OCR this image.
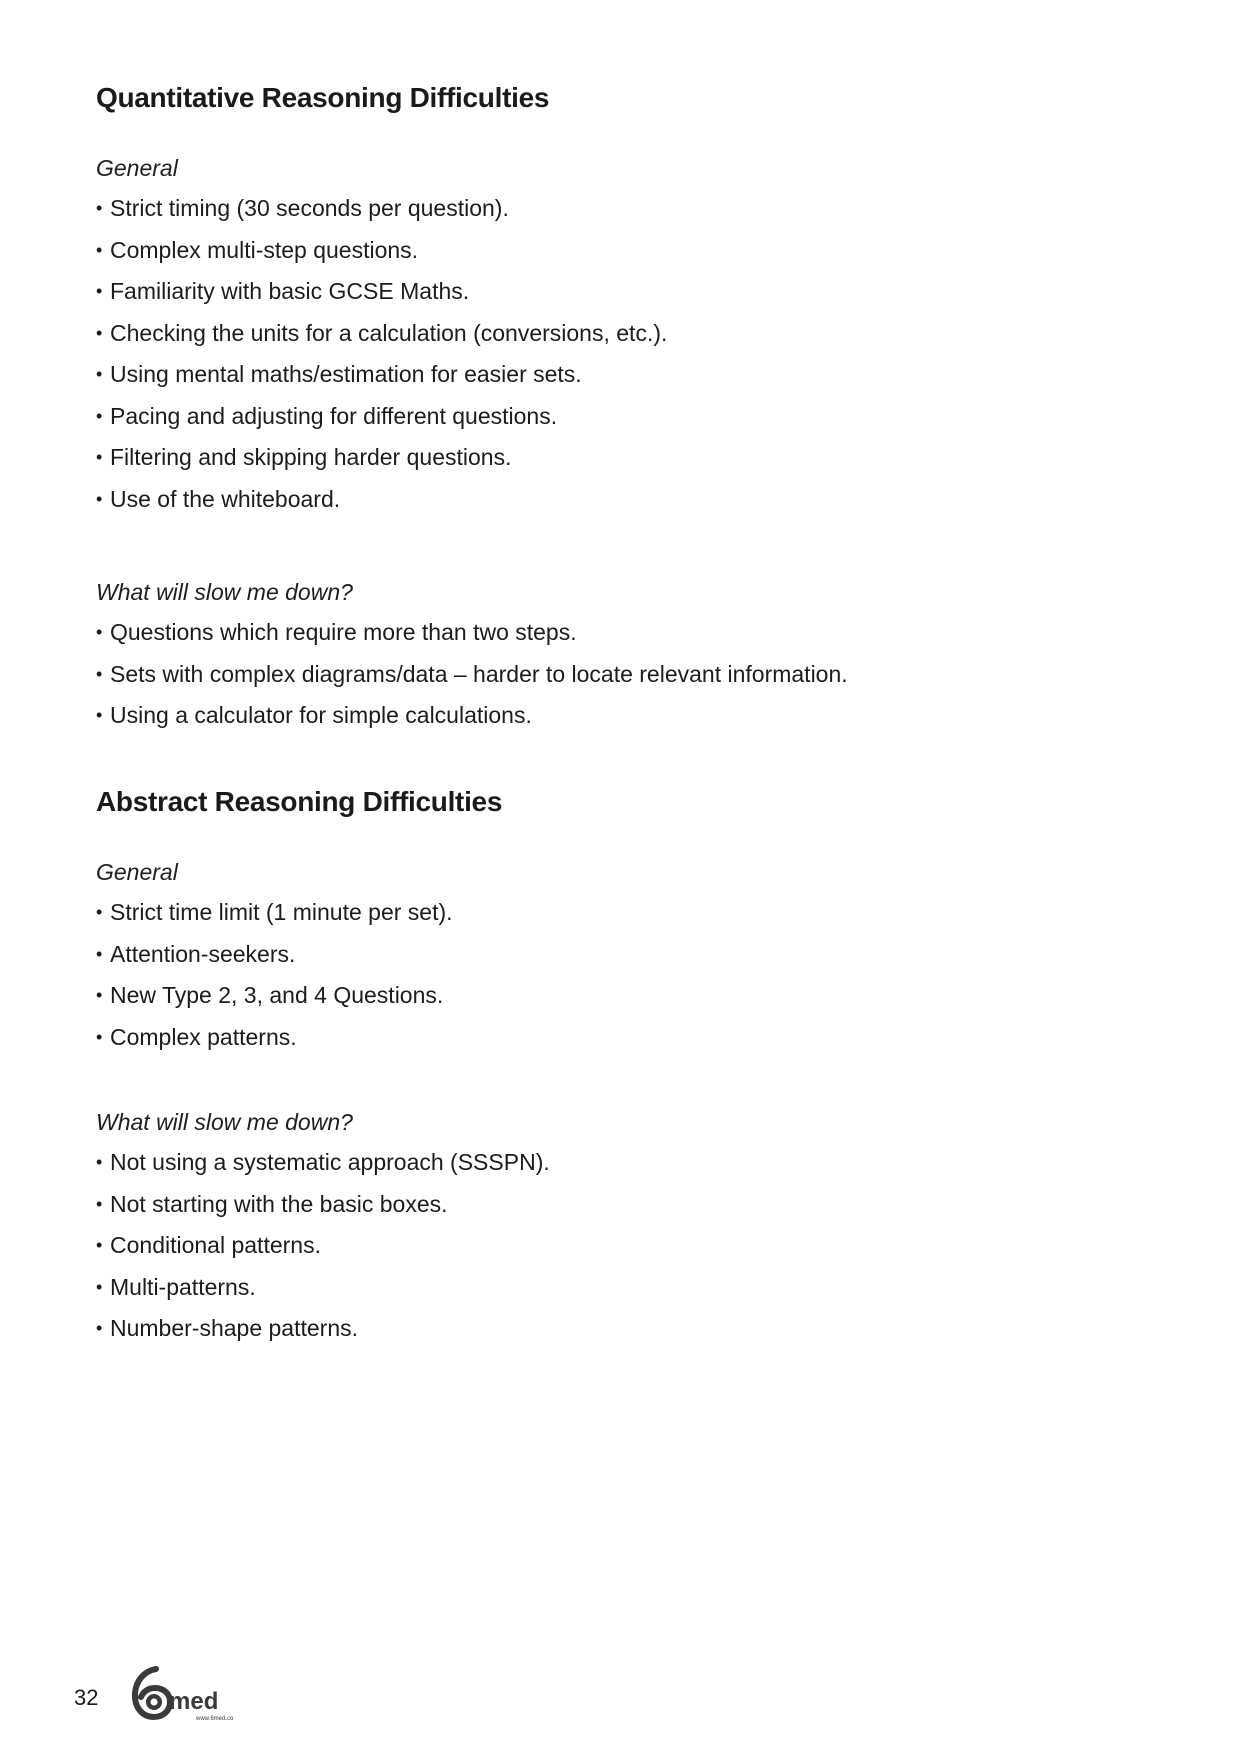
Quantitative Reasoning Difficulties
General
• Strict timing (30 seconds per question).
• Complex multi-step questions.
• Familiarity with basic GCSE Maths.
• Checking the units for a calculation (conversions, etc.).
• Using mental maths/estimation for easier sets.
• Pacing and adjusting for different questions.
• Filtering and skipping harder questions.
• Use of the whiteboard.
What will slow me down?
• Questions which require more than two steps.
• Sets with complex diagrams/data – harder to locate relevant information.
• Using a calculator for simple calculations.
Abstract Reasoning Difficulties
General
• Strict time limit (1 minute per set).
• Attention-seekers.
• New Type 2, 3, and 4 Questions.
• Complex patterns.
What will slow me down?
• Not using a systematic approach (SSSPN).
• Not starting with the basic boxes.
• Conditional patterns.
• Multi-patterns.
• Number-shape patterns.
32	med
www.6med.co
